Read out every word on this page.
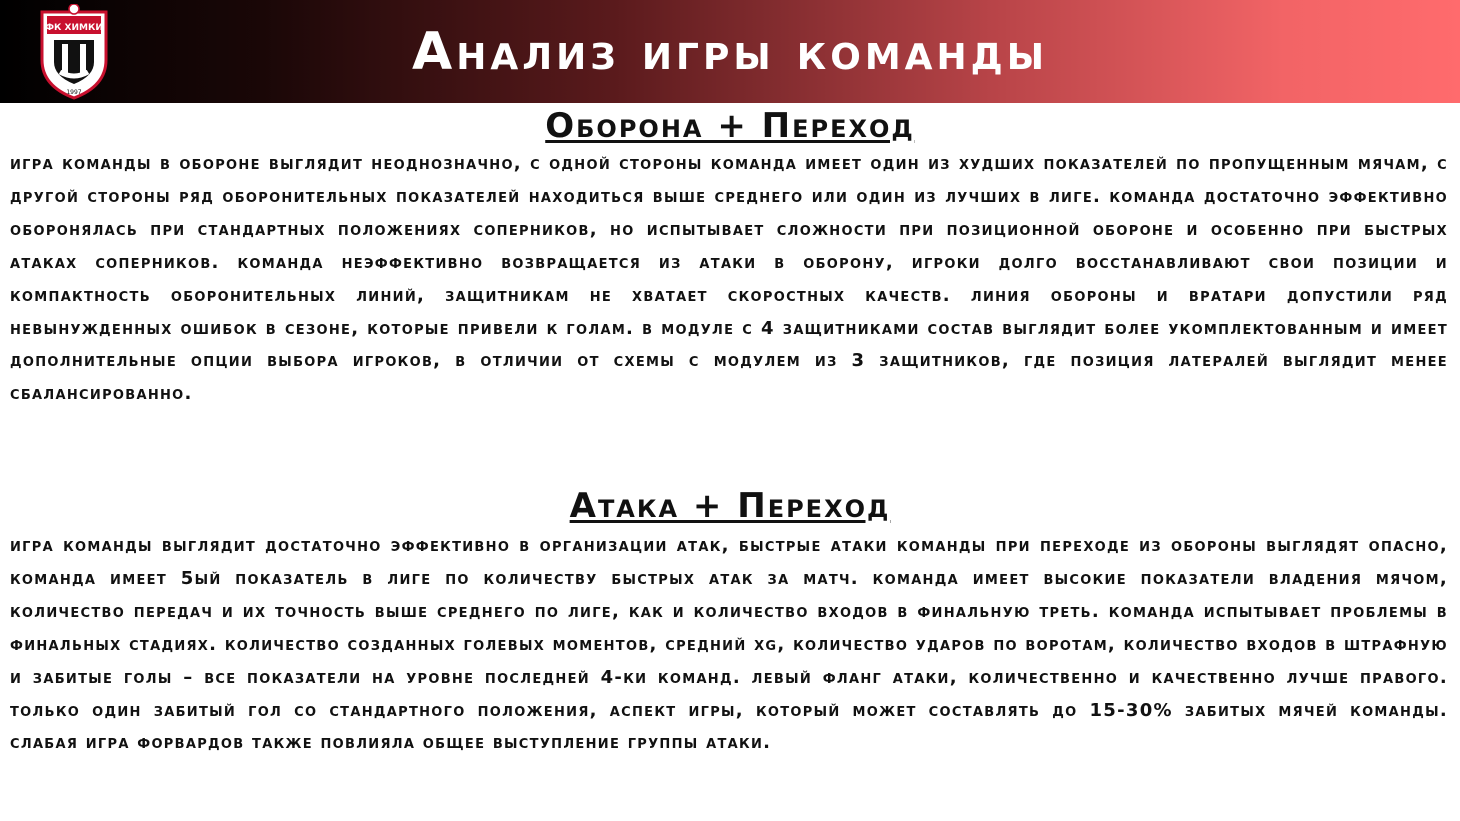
ФК ХИМКИ
1997
Анализ игры команды
Оборона + Переход

игра команды в обороне выглядит неоднозначно, с одной стороны команда имеет один из худших показателей по пропущенным мячам, с другой стороны ряд оборонительных показателей находиться выше среднего или один из лучших в лиге. команда достаточно эффективно оборонялась при стандартных положениях соперников, но испытывает сложности при позиционной обороне и особенно при быстрых атаках соперников. команда неэффективно возвращается из атаки в оборону, игроки долго восстанавливают свои позиции и компактность оборонительных линий, защитникам не хватает скоростных качеств. линия обороны и вратари допустили ряд невынужденных ошибок в сезоне, которые привели к голам. в модуле с 4 защитниками состав выглядит более укомплектованным и имеет дополнительные опции выбора игроков, в отличии от схемы с модулем из 3 защитников, где позиция латералей выглядит менее сбалансированно.

Атака + Переход

игра команды выглядит достаточно эффективно в организации атак, быстрые атаки команды при переходе из обороны выглядят опасно, команда имеет 5ый показатель в лиге по количеству быстрых атак за матч. команда имеет высокие показатели владения мячом, количество передач и их точность выше среднего по лиге, как и количество входов в финальную треть. команда испытывает проблемы в финальных стадиях. количество созданных голевых моментов, средний xg, количество ударов по воротам, количество входов в штрафную и забитые голы – все показатели на уровне последней 4-ки команд. левый фланг атаки, количественно и качественно лучше правого. только один забитый гол со стандартного положения, аспект игры, который может составлять до 15-30% забитых мячей команды. слабая игра форвардов также повлияла общее выступление группы атаки.
